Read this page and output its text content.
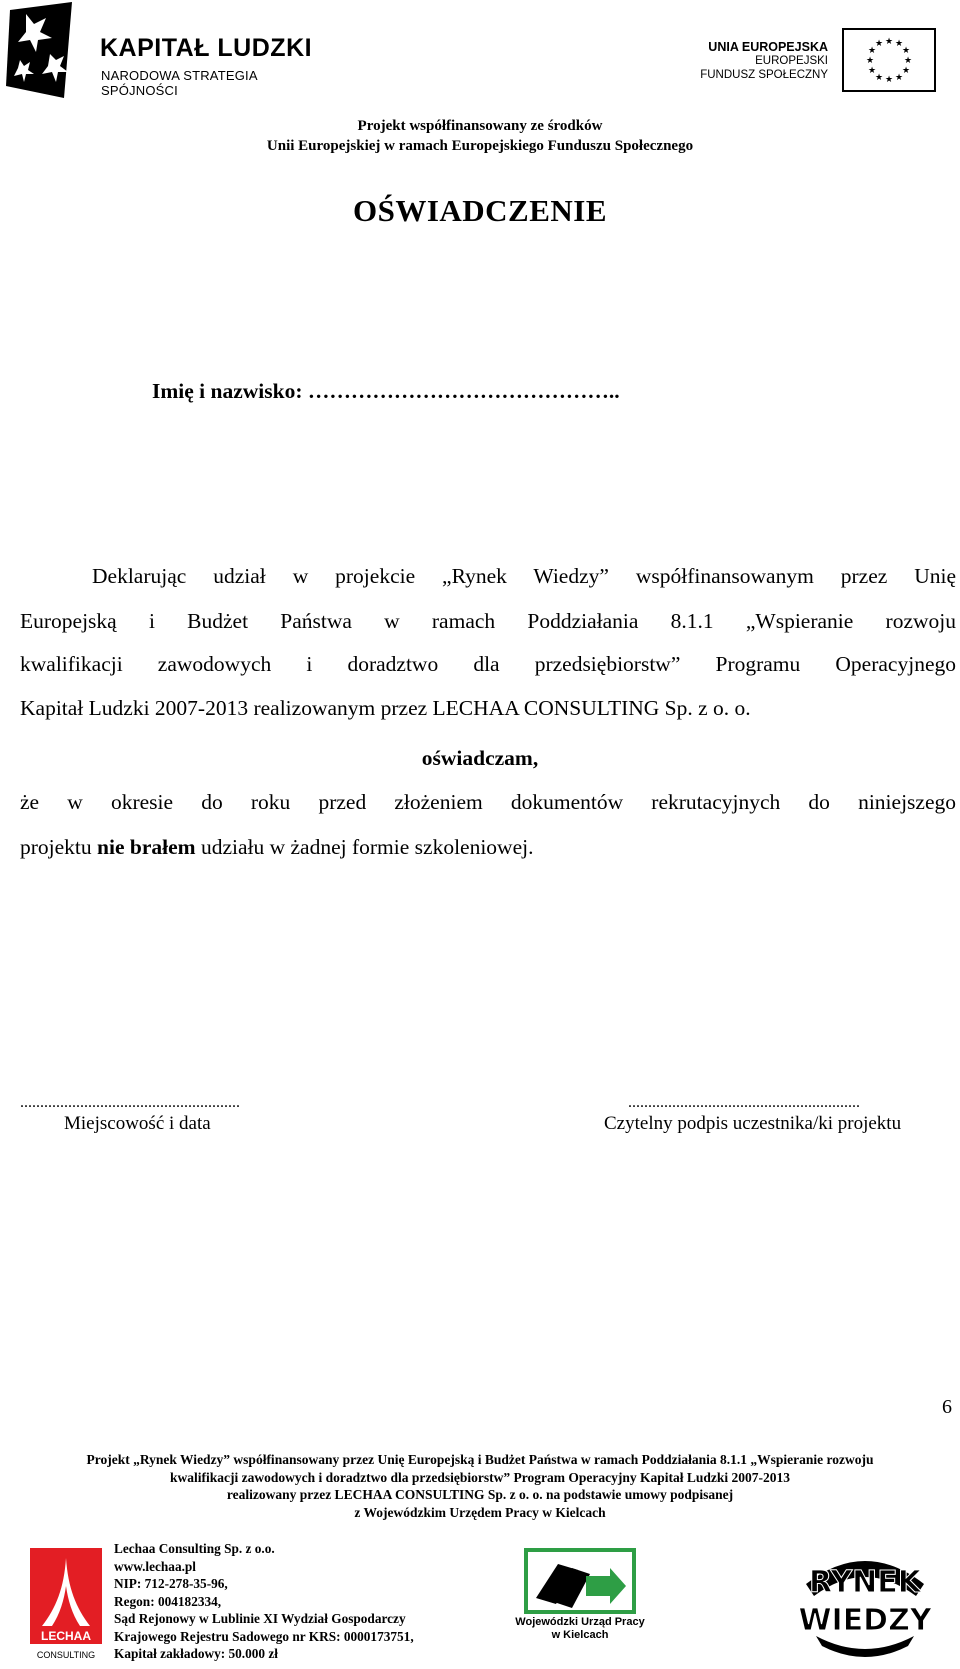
KAPITAŁ LUDZKI
NARODOWA STRATEGIA SPÓJNOŚCI
UNIA EUROPEJSKA
EUROPEJSKI
FUNDUSZ SPOŁECZNY
★ ★
★
★
★
★
★
★
★
★
★
★
Projekt współfinansowany ze środków
Unii Europejskiej w ramach Europejskiego Funduszu Społecznego
OŚWIADCZENIE
Imię i nazwisko: ……………………………………..
Deklarując udział w projekcie „Rynek Wiedzy” współfinansowanym przez Unię
Europejską i Budżet Państwa w ramach Poddziałania 8.1.1 „Wspieranie rozwoju
kwalifikacji zawodowych i doradztwo dla przedsiębiorstw” Programu Operacyjnego
Kapitał Ludzki 2007-2013 realizowanym przez LECHAA CONSULTING Sp. z o. o.
oświadczam,
że w okresie do roku przed złożeniem dokumentów rekrutacyjnych do niniejszego
projektu nie brałem udziału w żadnej formie szkoleniowej.
.......................................................	..........................................................
Miejscowość i data	Czytelny podpis uczestnika/ki projektu
6
Projekt „Rynek Wiedzy” współfinansowany przez Unię Europejską i Budżet Państwa w ramach Poddziałania 8.1.1 „Wspieranie rozwoju
kwalifikacji zawodowych i doradztwo dla przedsiębiorstw” Program Operacyjny Kapitał Ludzki 2007-2013
realizowany przez LECHAA CONSULTING Sp. z o. o. na podstawie umowy podpisanej
z Wojewódzkim Urzędem Pracy w Kielcach
LECHAA
CONSULTING
Lechaa Consulting Sp. z o.o.
www.lechaa.pl
NIP: 712-278-35-96,
Regon: 004182334,
Sąd Rejonowy w Lublinie XI Wydział Gospodarczy
Krajowego Rejestru Sadowego nr KRS: 0000173751,
Kapitał zakładowy: 50.000 zł
Wojewódzki Urząd Pracy
w Kielcach
RYNEK
WIEDZY
